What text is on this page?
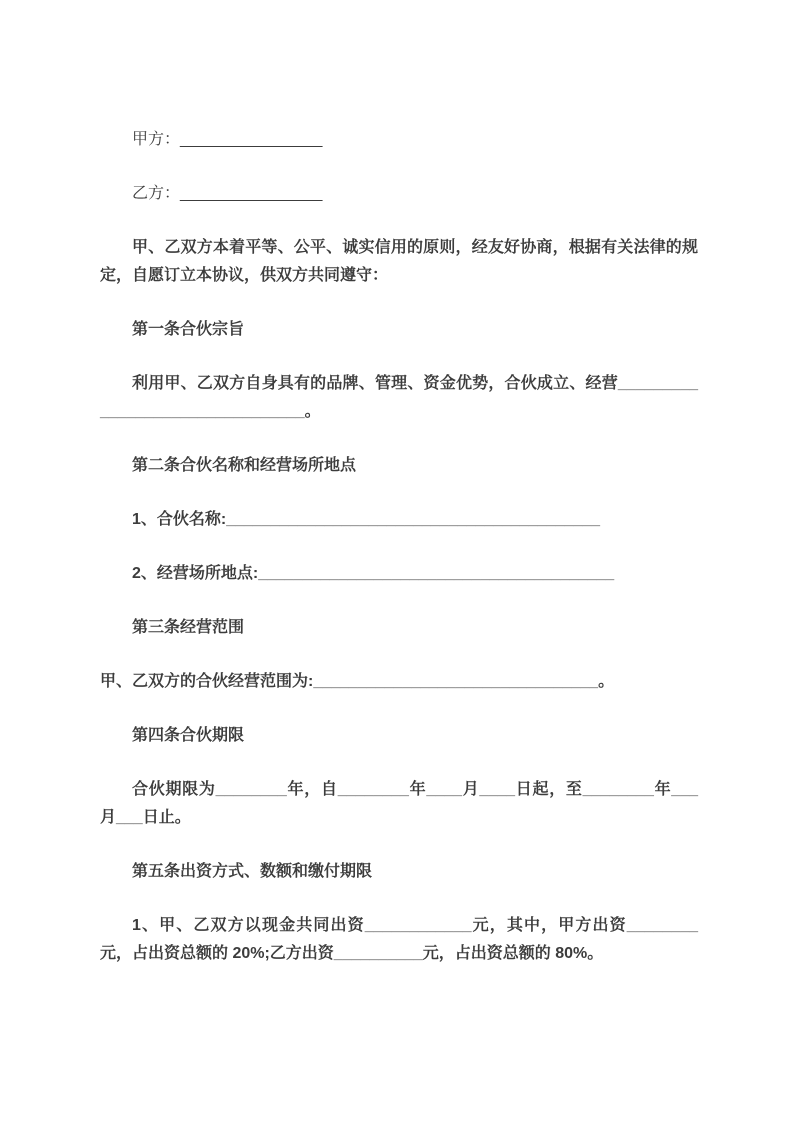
甲方：________________

乙方：________________

甲、乙双方本着平等、公平、诚实信用的原则，经友好协商，根据有关法律的规定，自愿订立本协议，供双方共同遵守：

第一条合伙宗旨

利用甲、乙双方自身具有的品牌、管理、资金优势，合伙成立、经营________________________________。

第二条合伙名称和经营场所地点

1、合伙名称:__________________________________________

2、经营场所地点:________________________________________

第三条经营范围

甲、乙双方的合伙经营范围为:________________________________。

第四条合伙期限

合伙期限为________年，自________年____月____日起，至________年___月___日止。

第五条出资方式、数额和缴付期限

1、甲、乙双方以现金共同出资____________元，其中，甲方出资________元，占出资总额的 20%;乙方出资__________元，占出资总额的 80%。
